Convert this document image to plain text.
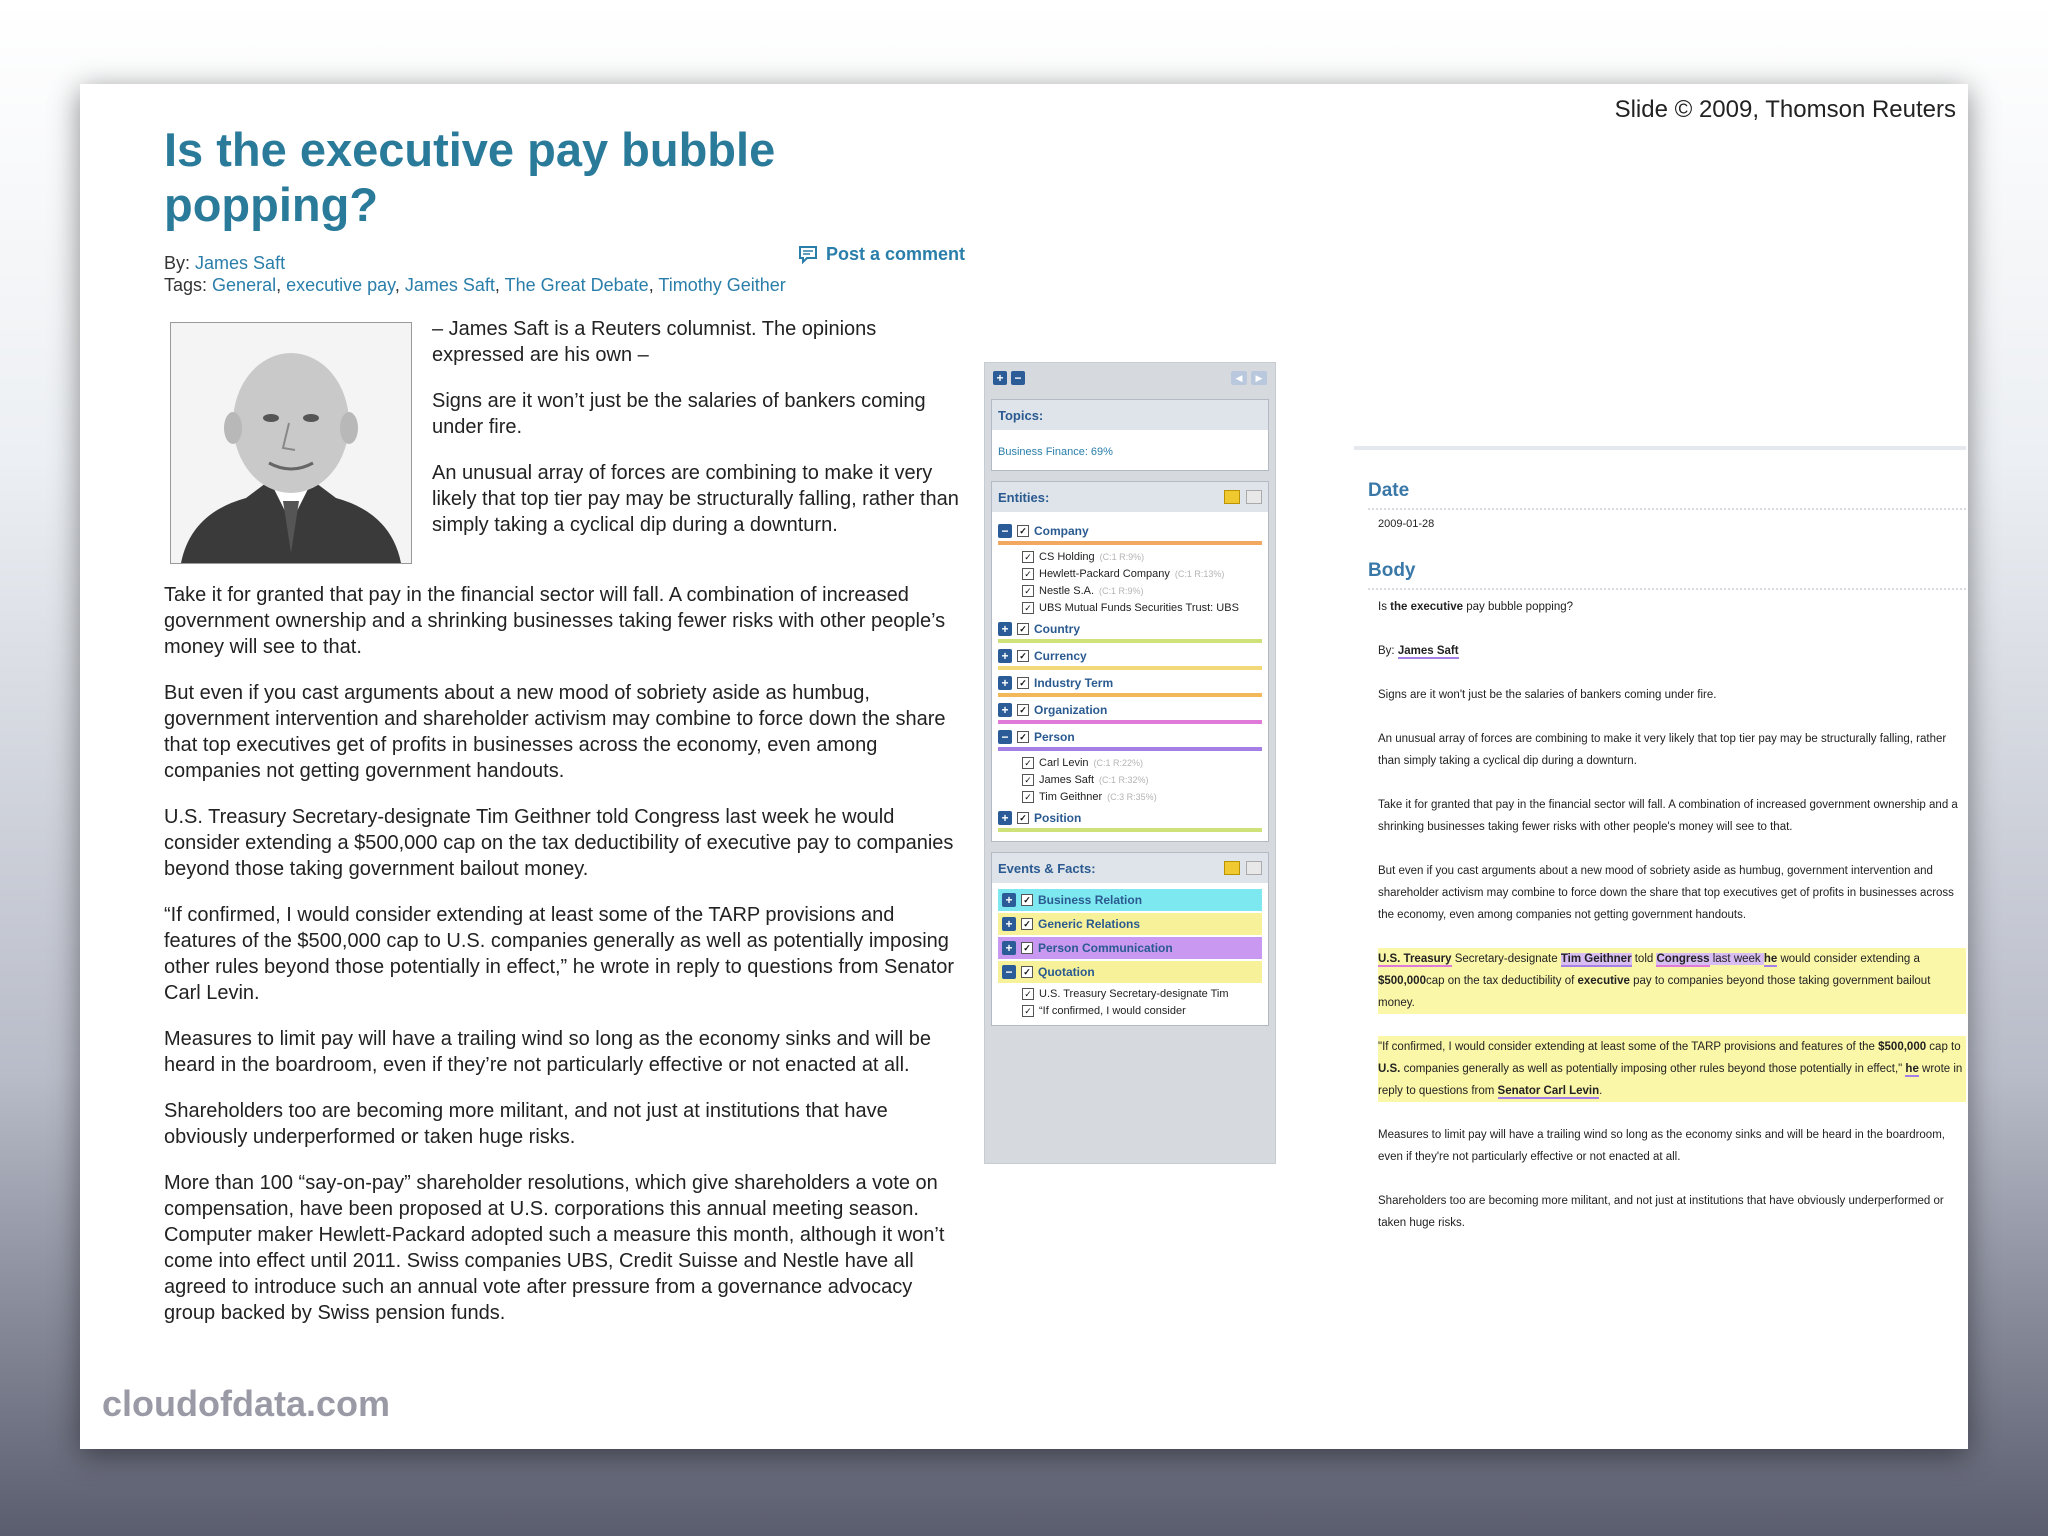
Slide © 2009, Thomson Reuters
Is the executive pay bubble popping?
By: James Saft
Tags: General, executive pay, James Saft, The Great Debate, Timothy Geither
Post a comment

– James Saft is a Reuters columnist. The opinions expressed are his own –

Signs are it won’t just be the salaries of bankers coming under fire.

An unusual array of forces are combining to make it very likely that top tier pay may be structurally falling, rather than simply taking a cyclical dip during a downturn.

Take it for granted that pay in the financial sector will fall. A combination of increased government ownership and a shrinking businesses taking fewer risks with other people’s money will see to that.

But even if you cast arguments about a new mood of sobriety aside as humbug, government intervention and shareholder activism may combine to force down the share that top executives get of profits in businesses across the economy, even among companies not getting government handouts.

U.S. Treasury Secretary-designate Tim Geithner told Congress last week he would consider extending a $500,000 cap on the tax deductibility of executive pay to companies beyond those taking government bailout money.

“If confirmed, I would consider extending at least some of the TARP provisions and features of the $500,000 cap to U.S. companies generally as well as potentially imposing other rules beyond those potentially in effect,” he wrote in reply to questions from Senator Carl Levin.

Measures to limit pay will have a trailing wind so long as the economy sinks and will be heard in the boardroom, even if they’re not particularly effective or not enacted at all.

Shareholders too are becoming more militant, and not just at institutions that have obviously underperformed or taken huge risks.

More than 100 “say-on-pay” shareholder resolutions, which give shareholders a vote on compensation, have been proposed at U.S. corporations this annual meeting season. Computer maker Hewlett-Packard adopted such a measure this month, although it won’t come into effect until 2011. Swiss companies UBS, Credit Suisse and Nestle have all agreed to introduce such an annual vote after pressure from a governance advocacy group backed by Swiss pension funds.

+ −	◀	▶
Topics:
Business Finance: 69%
Entities:
−	✓ Company
✓ CS Holding (C:1 R:9%)
✓ Hewlett-Packard Company (C:1 R:13%)
✓ Nestle S.A. (C:1 R:9%)
✓ UBS Mutual Funds Securities Trust: UBS
+	✓ Country
+	✓ Currency
+	✓ Industry Term
+	✓ Organization
−	✓ Person
✓ Carl Levin (C:1 R:22%)
✓ James Saft (C:1 R:32%)
✓ Tim Geithner (C:3 R:35%)
+	✓ Position
Events & Facts:
+	✓ Business Relation
+	✓ Generic Relations
+	✓ Person Communication
−	✓ Quotation
✓ U.S. Treasury Secretary-designate Tim
✓ “If confirmed, I would consider
Date
2009-01-28
Body

Is the executive pay bubble popping?

By: James Saft

Signs are it won't just be the salaries of bankers coming under fire.

An unusual array of forces are combining to make it very likely that top tier pay may be structurally falling, rather than simply taking a cyclical dip during a downturn.

Take it for granted that pay in the financial sector will fall. A combination of increased government ownership and a shrinking businesses taking fewer risks with other people's money will see to that.

But even if you cast arguments about a new mood of sobriety aside as humbug, government intervention and shareholder activism may combine to force down the share that top executives get of profits in businesses across the economy, even among companies not getting government handouts.

U.S. Treasury Secretary-designate Tim Geithner told Congress last week he would consider extending a $500,000cap on the tax deductibility of executive pay to companies beyond those taking government bailout money.

"If confirmed, I would consider extending at least some of the TARP provisions and features of the $500,000 cap to U.S. companies generally as well as potentially imposing other rules beyond those potentially in effect," he wrote in reply to questions from Senator Carl Levin.

Measures to limit pay will have a trailing wind so long as the economy sinks and will be heard in the boardroom, even if they're not particularly effective or not enacted at all.

Shareholders too are becoming more militant, and not just at institutions that have obviously underperformed or taken huge risks.

cloudofdata.com
